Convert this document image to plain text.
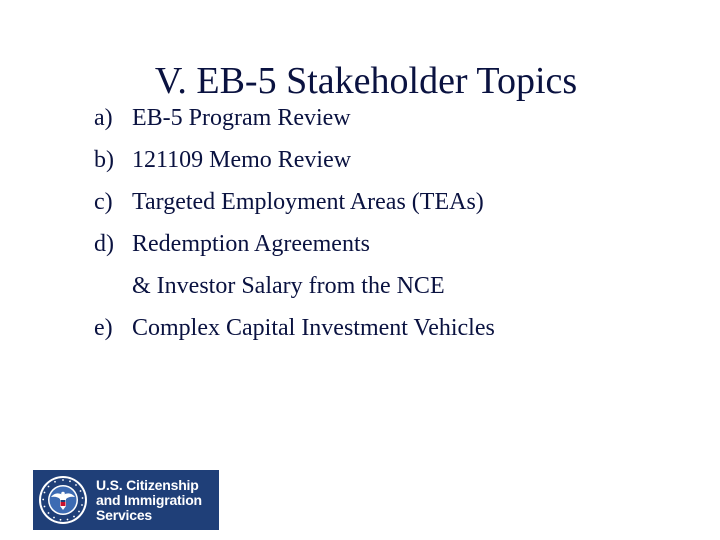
V. EB-5 Stakeholder Topics
a) EB-5 Program Review
b) 121109 Memo Review
c) Targeted Employment Areas (TEAs)
d) Redemption Agreements
& Investor Salary from the NCE
e) Complex Capital Investment Vehicles
U.S. Citizenship
and Immigration
Services
